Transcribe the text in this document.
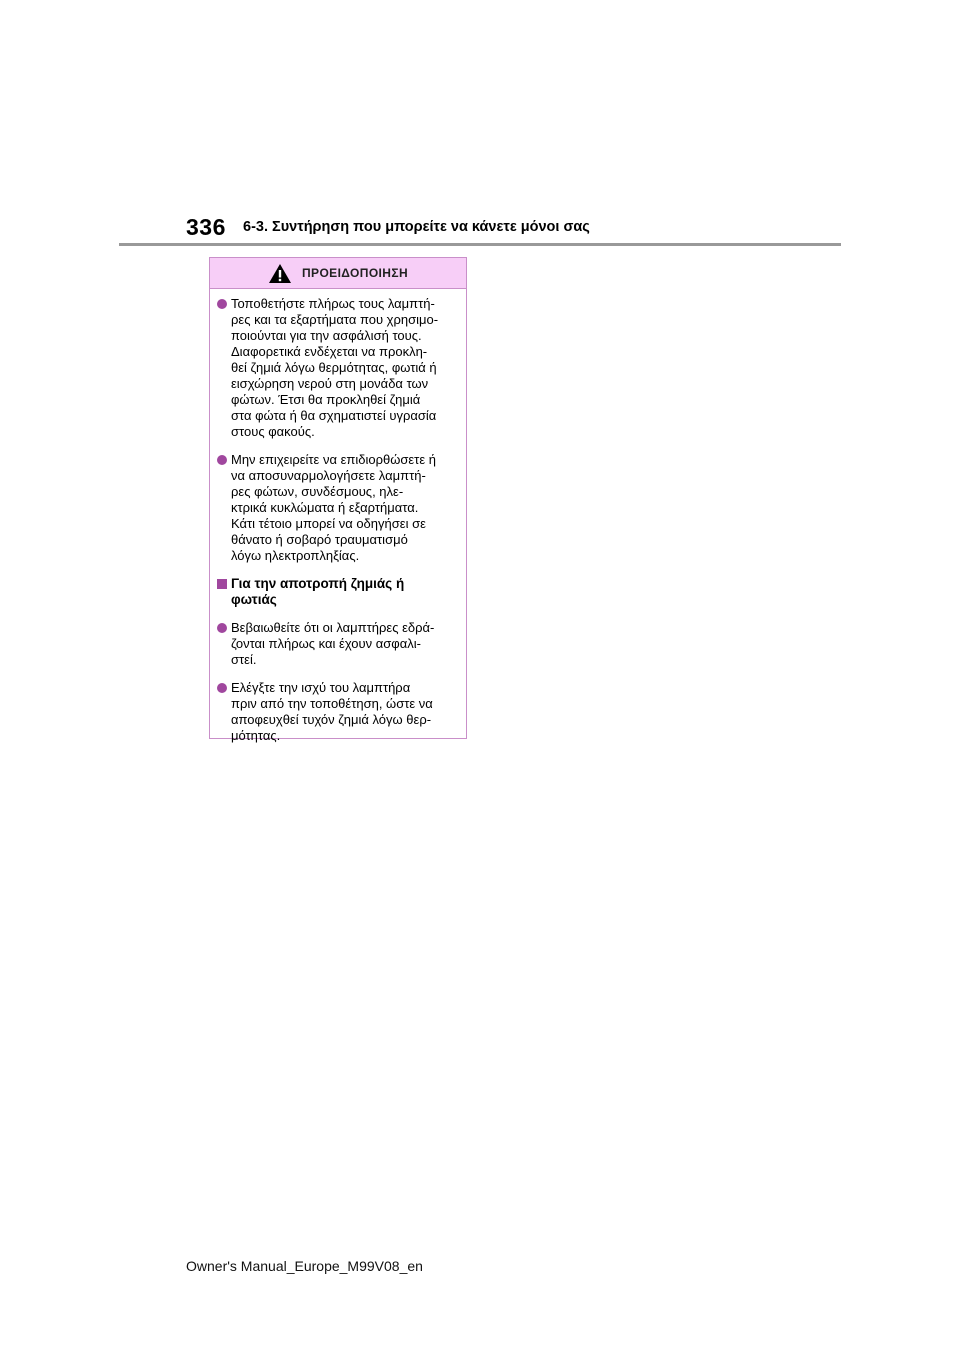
336 6-3. Συντήρηση που μπορείτε να κάνετε μόνοι σας
ΠΡΟΕΙΔΟΠΟΙΗΣΗ
Τοποθετήστε πλήρως τους λαμπτή-
ρες και τα εξαρτήματα που χρησιμο-
ποιούνται για την ασφάλισή τους.
Διαφορετικά ενδέχεται να προκλη-
θεί ζημιά λόγω θερμότητας, φωτιά ή
εισχώρηση νερού στη μονάδα των
φώτων. Έτσι θα προκληθεί ζημιά
στα φώτα ή θα σχηματιστεί υγρασία
στους φακούς.
Μην επιχειρείτε να επιδιορθώσετε ή
να αποσυναρμολογήσετε λαμπτή-
ρες φώτων, συνδέσμους, ηλε-
κτρικά κυκλώματα ή εξαρτήματα.
Κάτι τέτοιο μπορεί να οδηγήσει σε
θάνατο ή σοβαρό τραυματισμό
λόγω ηλεκτροπληξίας.
Για την αποτροπή ζημιάς ή
φωτιάς
Βεβαιωθείτε ότι οι λαμπτήρες εδρά-
ζονται πλήρως και έχουν ασφαλι-
στεί.
Ελέγξτε την ισχύ του λαμπτήρα
πριν από την τοποθέτηση, ώστε να
αποφευχθεί τυχόν ζημιά λόγω θερ-
μότητας.
Owner's Manual_Europe_M99V08_en
